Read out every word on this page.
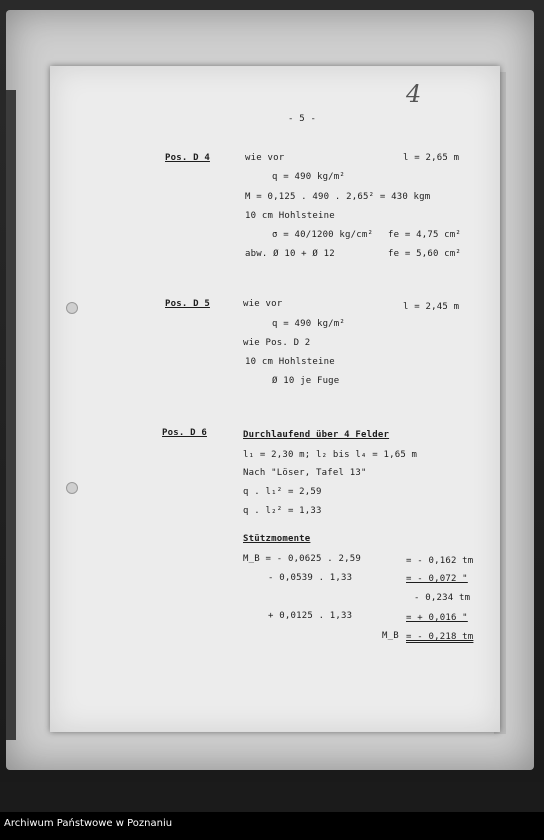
- 5 -
4
Pos. D 4	wie vor	l = 2,65 m
q = 490 kg/m²
M = 0,125 . 490 . 2,65² = 430 kgm
10 cm Hohlsteine
σ = 40/1200 kg/cm² fe = 4,75 cm²
abw. Ø 10 + Ø 12	fe = 5,60 cm²
Pos. D 5	wie vor	l = 2,45 m
q = 490 kg/m²
wie Pos. D 2
10 cm Hohlsteine
Ø 10 je Fuge
Pos. D 6	Durchlaufend über 4 Felder
l₁ = 2,30 m; l₂ bis l₄ = 1,65 m
Nach "Löser, Tafel 13"
q . l₁² = 2,59
q . l₂² = 1,33
Stützmomente
M_B = - 0,0625 . 2,59	= - 0,162 tm
- 0,0539 . 1,33	= - 0,072 "
- 0,234 tm
+ 0,0125 . 1,33	= + 0,016 "
M_B = - 0,218 tm
Archiwum Państwowe w Poznaniu
